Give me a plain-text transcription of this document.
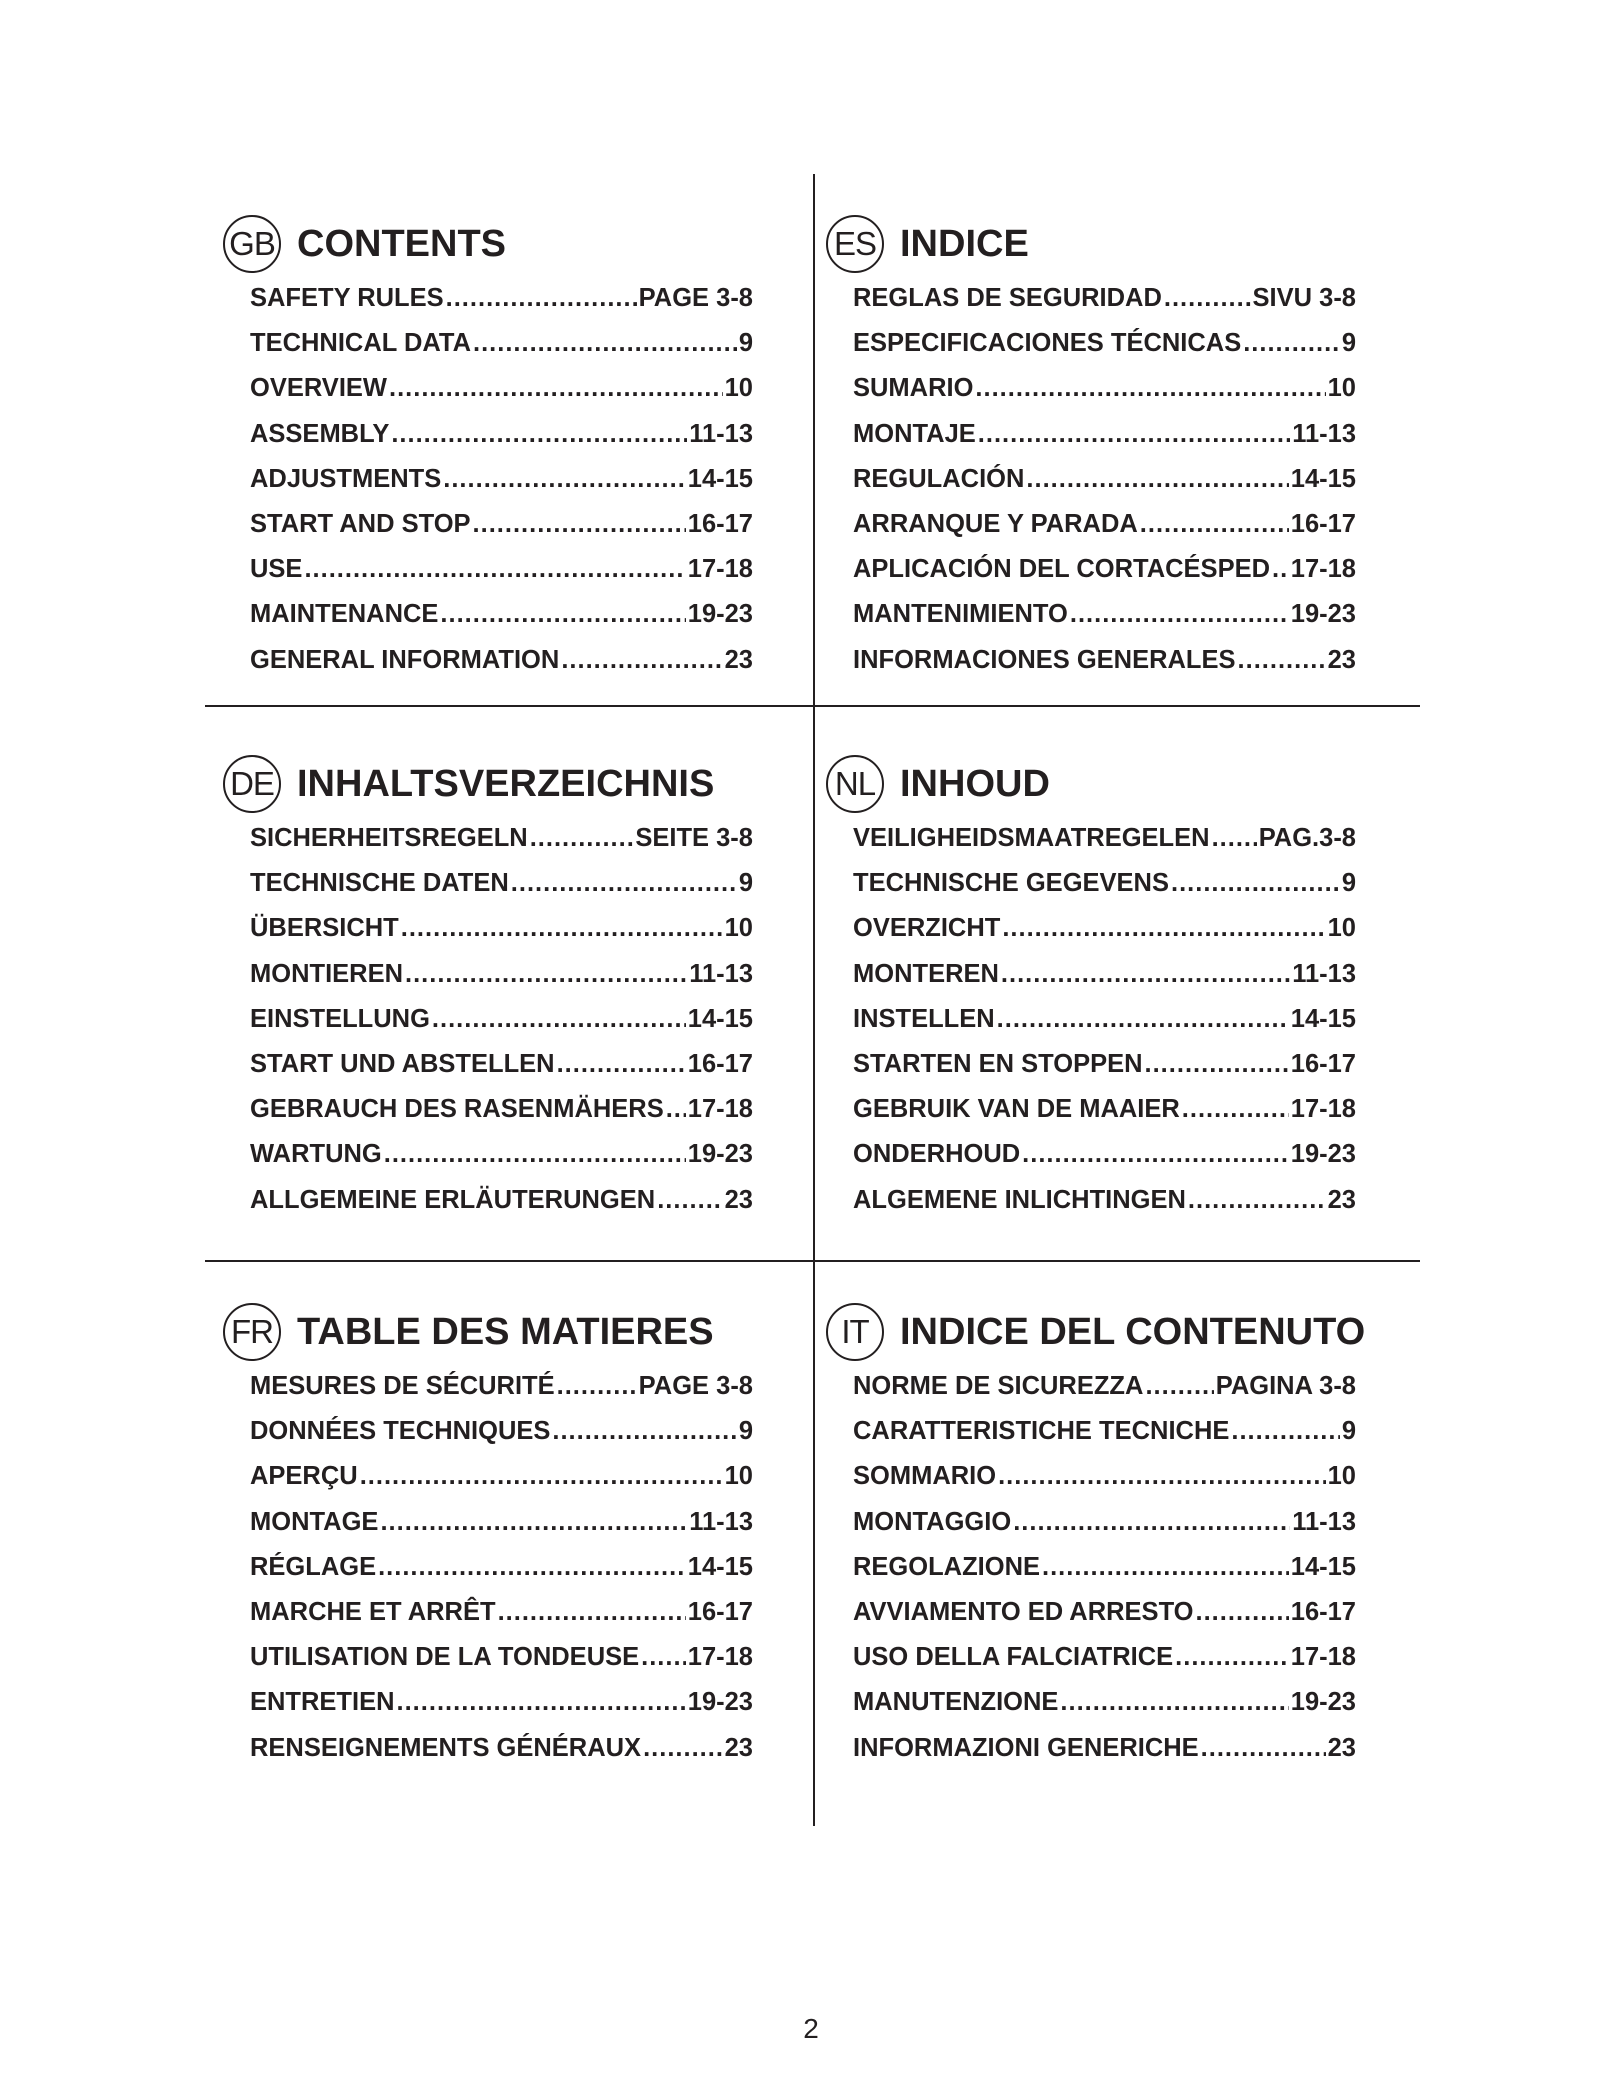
GB CONTENTS
SAFETY RULES .....	PAGE 3-8
TECHNICAL DATA .....	9
OVERVIEW .....	10
ASSEMBLY .....	11-13
ADJUSTMENTS .....	14-15
START AND STOP .....	16-17
USE .....	17-18
MAINTENANCE .....	19-23
GENERAL INFORMATION .....	23
ES INDICE
REGLAS DE SEGURIDAD .....	SIVU 3-8
ESPECIFICACIONES TÉCNICAS .....	9
SUMARIO .....	10
MONTAJE .....	11-13
REGULACIÓN .....	14-15
ARRANQUE Y PARADA .....	16-17
APLICACIÓN DEL CORTACÉSPED ..... 17-18
MANTENIMIENTO .....	19-23
INFORMACIONES GENERALES .....	23
DE INHALTSVERZEICHNIS
SICHERHEITSREGELN .....	SEITE 3-8
TECHNISCHE DATEN .....	9
ÜBERSICHT .....	10
MONTIEREN .....	11-13
EINSTELLUNG .....	14-15
START UND ABSTELLEN .....	16-17
GEBRAUCH DES RASENMÄHERS ..... 17-18
WARTUNG .....	19-23
ALLGEMEINE ERLÄUTERUNGEN .....	23
NL INHOUD
VEILIGHEIDSMAATREGELEN ..... PAG.3-8
TECHNISCHE GEGEVENS .....	9
OVERZICHT .....	10
MONTEREN .....	11-13
INSTELLEN .....	14-15
STARTEN EN STOPPEN .....	16-17
GEBRUIK VAN DE MAAIER .....	17-18
ONDERHOUD .....	19-23
ALGEMENE INLICHTINGEN .....	23
FR TABLE DES MATIERES
MESURES DE SÉCURITÉ .....	PAGE 3-8
DONNÉES TECHNIQUES .....	9
APERÇU .....	10
MONTAGE .....	11-13
RÉGLAGE .....	14-15
MARCHE ET ARRÊT .....	16-17
UTILISATION DE LA TONDEUSE ..... 17-18
ENTRETIEN .....	19-23
RENSEIGNEMENTS GÉNÉRAUX .....	23
IT INDICE DEL CONTENUTO
NORME DE SICUREZZA .....	PAGINA 3-8
CARATTERISTICHE TECNICHE .....	9
SOMMARIO .....	10
MONTAGGIO .....	11-13
REGOLAZIONE .....	14-15
AVVIAMENTO ED ARRESTO .....	16-17
USO DELLA FALCIATRICE .....	17-18
MANUTENZIONE .....	19-23
INFORMAZIONI GENERICHE .....	23
2
